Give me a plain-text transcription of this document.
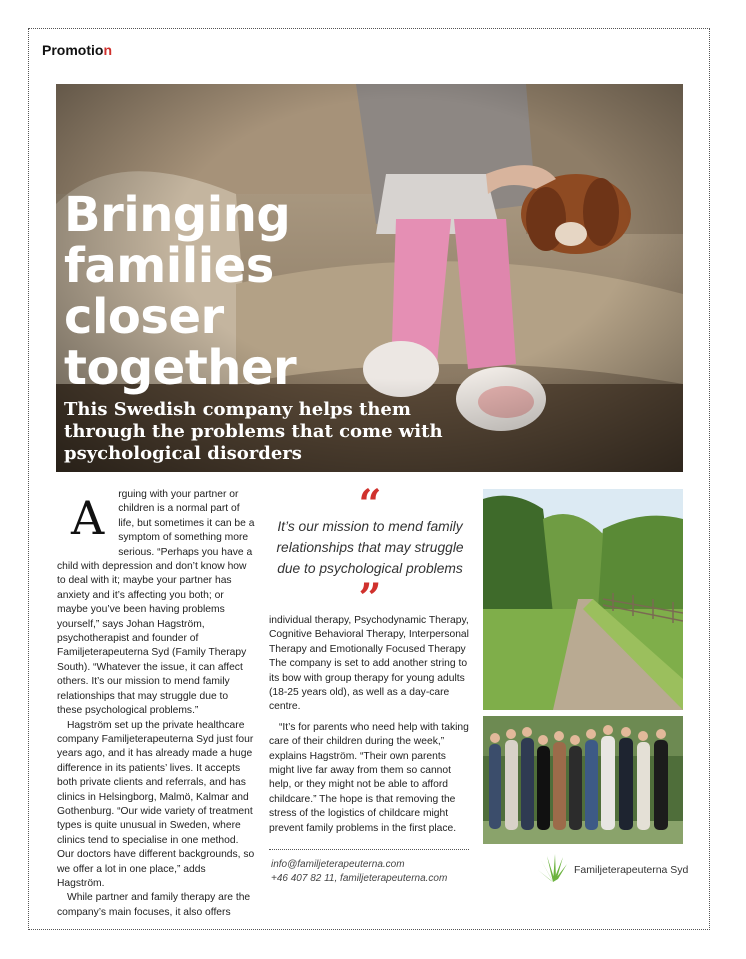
Promotion
Bringing families closer together
This Swedish company helps them through the problems that come with psychological disorders
A	rguing with your partner or children is a normal part of life, but sometimes it can be a symptom of something more serious. “Perhaps you have a child with depression and don’t know how to deal with it; maybe your partner has anxiety and it’s affecting you both; or maybe you’ve been having problems yourself,” says Johan Hagström, psychotherapist and founder of Familjeterapeuterna Syd (Family Therapy South). “Whatever the issue, it can affect others. It’s our mission to mend family relationships that may struggle due to these psychological problems.”

Hagström set up the private healthcare company Familjeterapeuterna Syd just four years ago, and it has already made a huge difference in its patients’ lives. It accepts both private clients and referrals, and has clinics in Helsingborg, Malmö, Kalmar and Gothenburg. “Our wide variety of treatment types is quite unusual in Sweden, where clinics tend to specialise in one method. Our doctors have different backgrounds, so we offer a lot in one place,” adds Hagström.

While partner and family therapy are the company’s main focuses, it also offers

“

It’s our mission to mend family relationships that may struggle due to psychological problems

”

individual therapy, Psychodynamic Therapy, Cognitive Behavioral Therapy, Interpersonal Therapy and Emotionally Focused Therapy The company is set to add another string to its bow with group therapy for young adults (18-25 years old), as well as a day-care centre.

“It’s for parents who need help with taking care of their children during the week,” explains Hagström. “Their own parents might live far away from them so cannot help, or they might not be able to afford childcare.” The hope is that removing the stress of the logistics of childcare might prevent family problems in the first place.

info@familjeterapeuterna.com
+46 407 82 11, familjeterapeuterna.com
Familjeterapeuterna Syd
